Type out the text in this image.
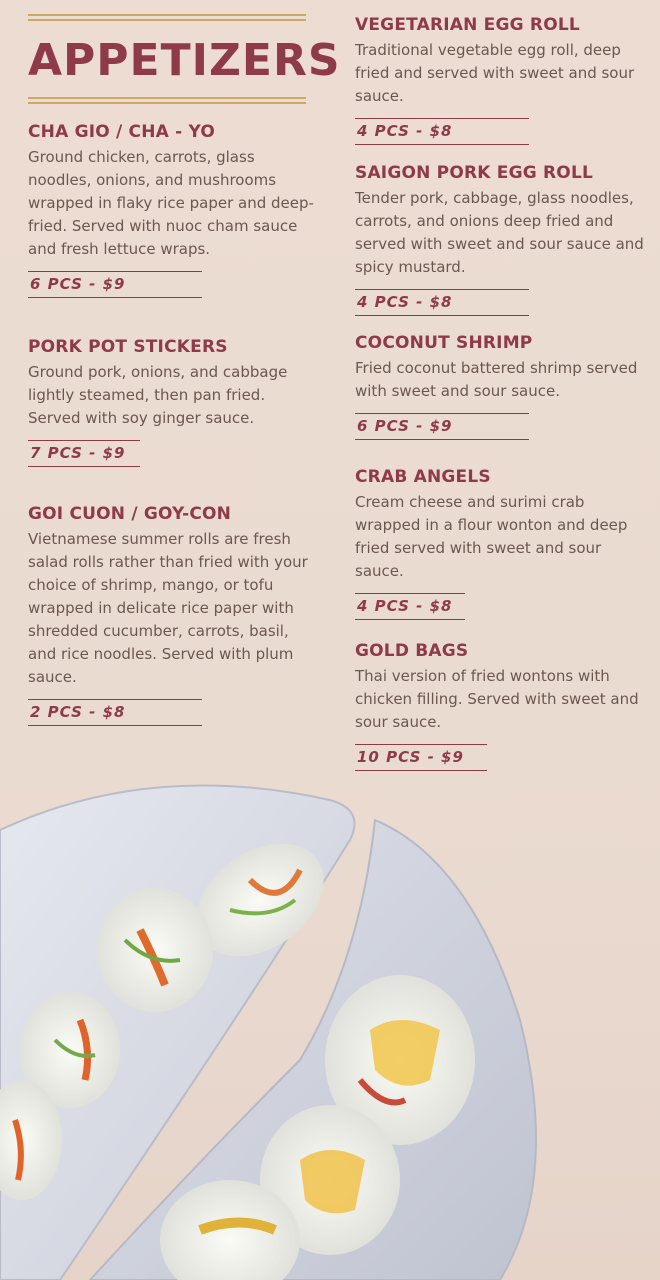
APPETIZERS
CHA GIO / CHA - YO
Ground chicken, carrots, glass noodles, onions, and mushrooms wrapped in flaky rice paper and deep-fried. Served with nuoc cham sauce and fresh lettuce wraps.
6 PCS - $9
PORK POT STICKERS
Ground pork, onions, and cabbage lightly steamed, then pan fried. Served with soy ginger sauce.
7 PCS - $9
GOI CUON / GOY-CON
Vietnamese summer rolls are fresh salad rolls rather than fried with your choice of shrimp, mango, or tofu wrapped in delicate rice paper with shredded cucumber, carrots, basil, and rice noodles. Served with plum sauce.
2 PCS - $8
VEGETARIAN EGG ROLL
Traditional vegetable egg roll, deep fried and served with sweet and sour sauce.
4 PCS - $8
SAIGON PORK EGG ROLL
Tender pork, cabbage, glass noodles, carrots, and onions deep fried and served with sweet and sour sauce and spicy mustard.
4 PCS - $8
COCONUT SHRIMP
Fried coconut battered shrimp served with sweet and sour sauce.
6 PCS - $9
CRAB ANGELS
Cream cheese and surimi crab wrapped in a flour wonton and deep fried served with sweet and sour sauce.
4 PCS - $8
GOLD BAGS
Thai version of fried wontons with chicken filling. Served with sweet and sour sauce.
10 PCS - $9
